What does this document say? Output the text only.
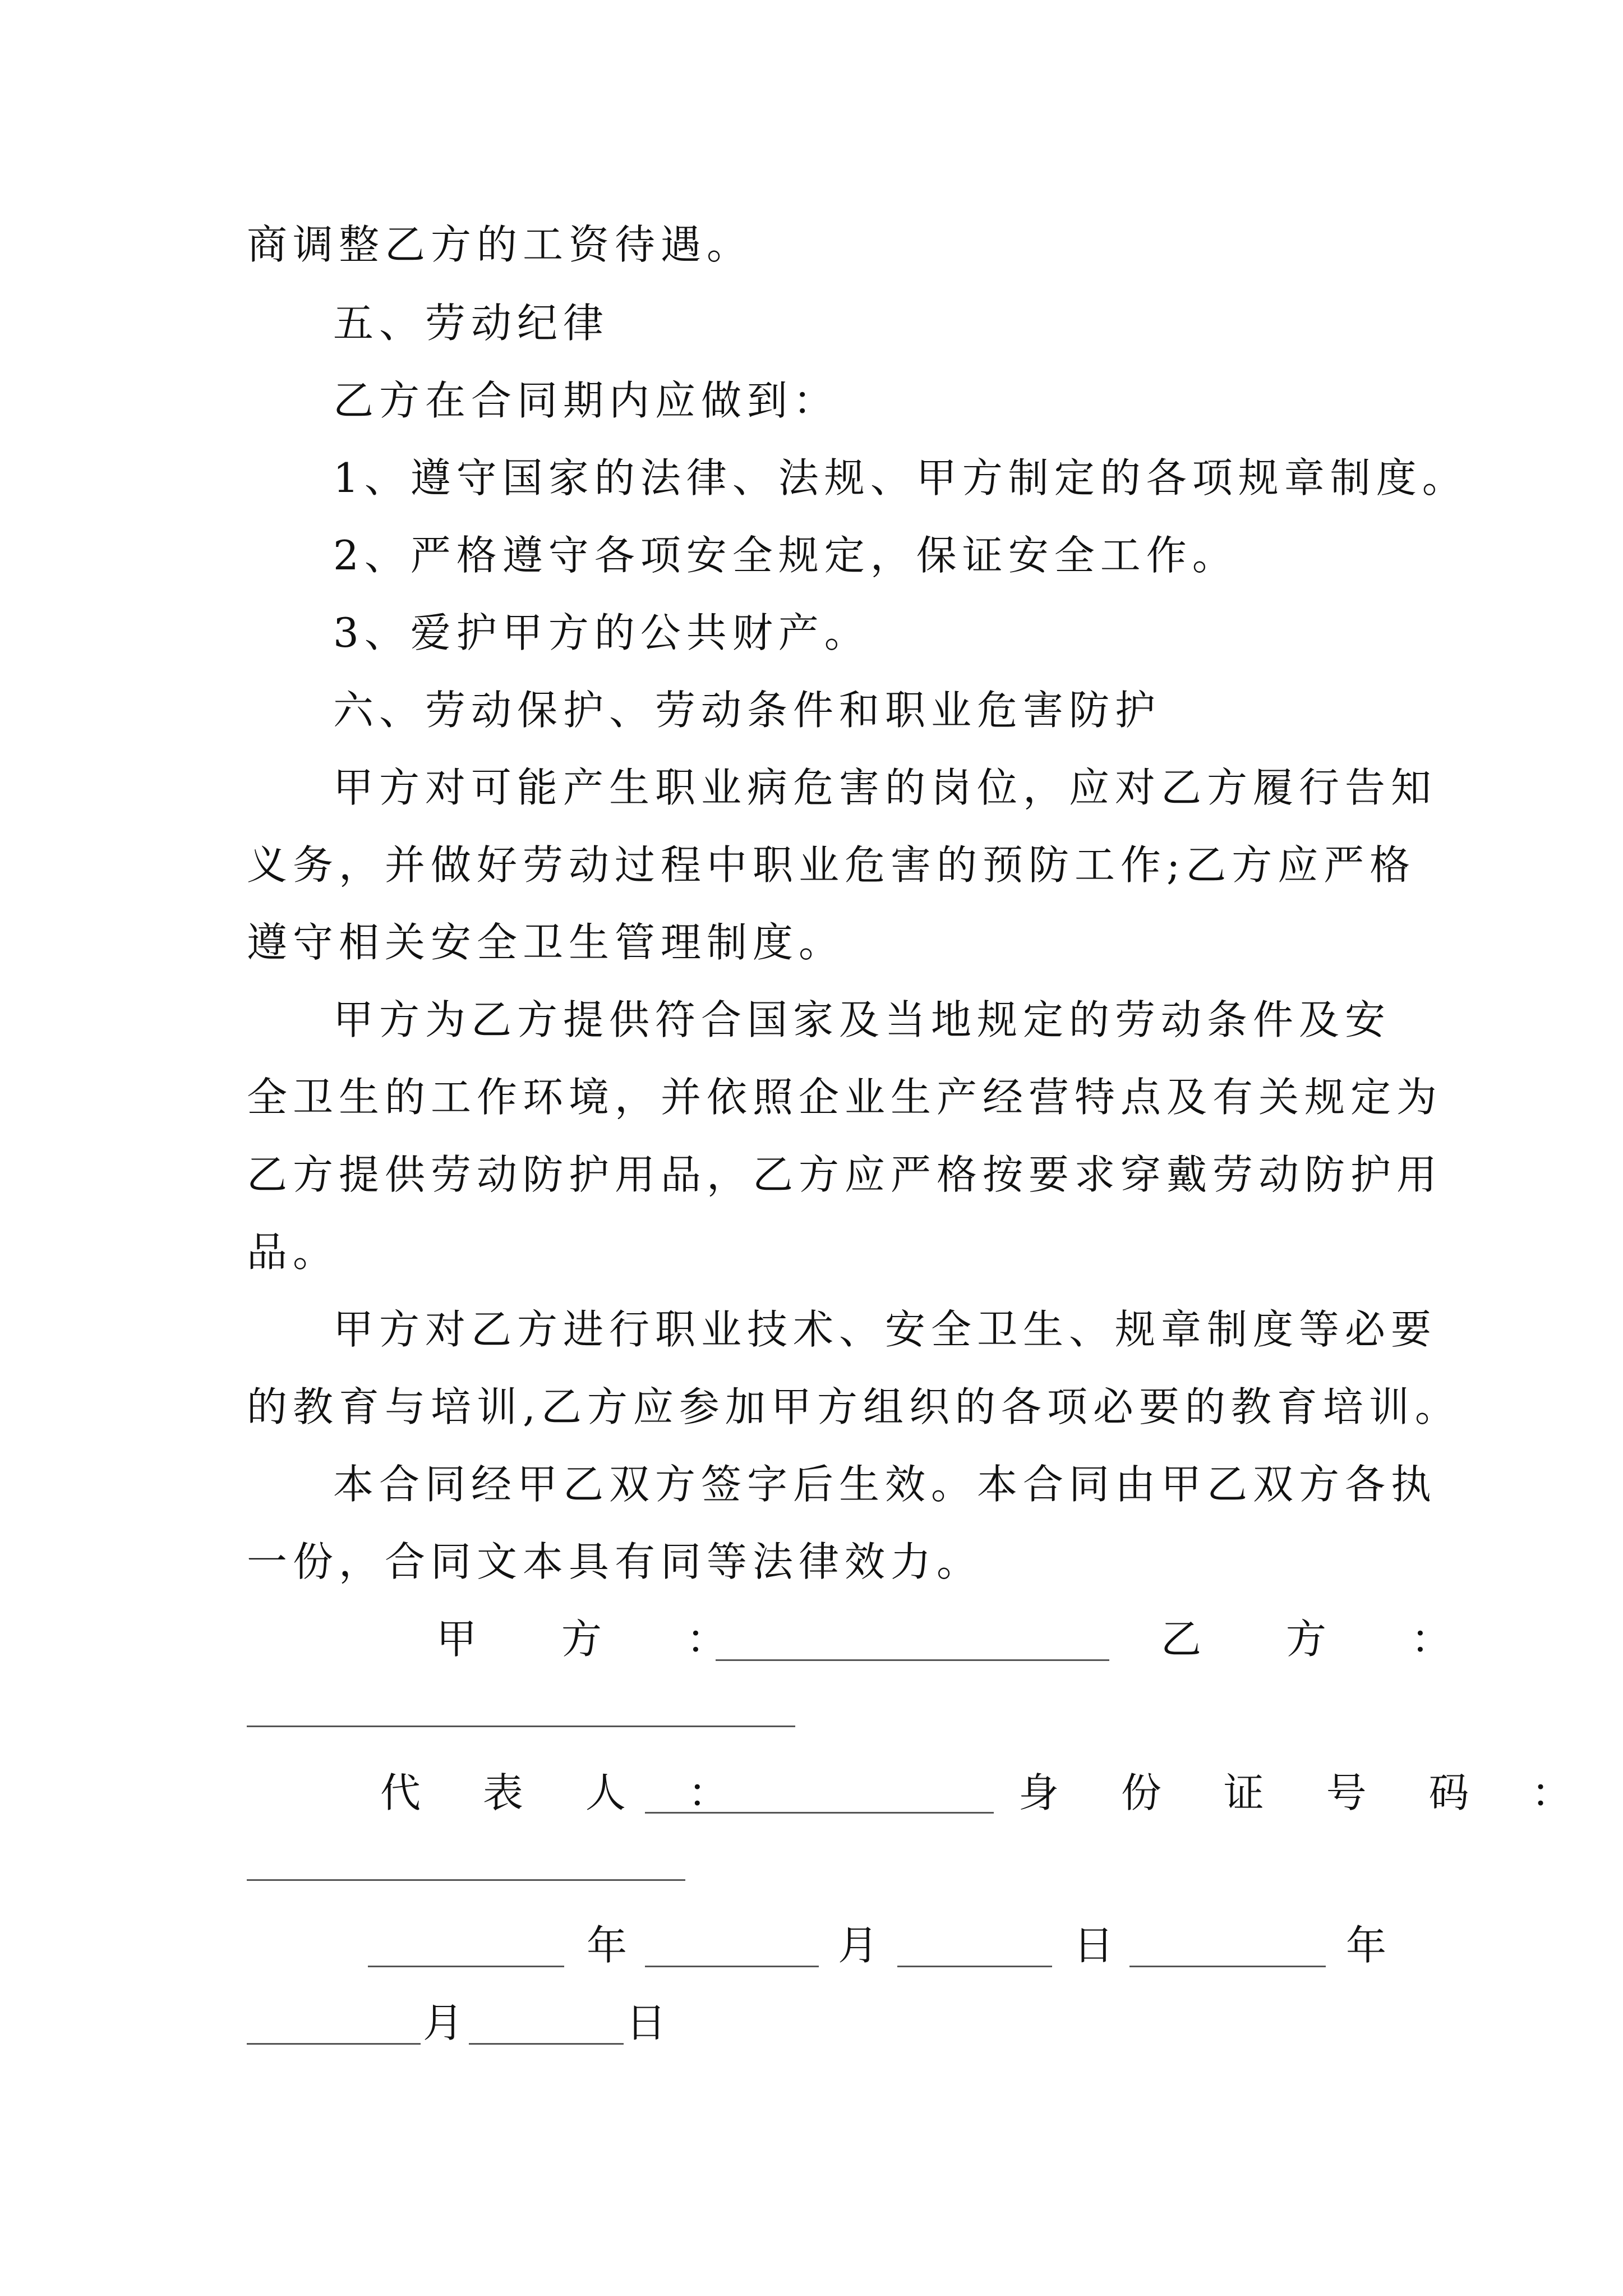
商调整乙方的工资待遇。
五、劳动纪律
乙方在合同期内应做到：
1、遵守国家的法律、法规、甲方制定的各项规章制度。
2、严格遵守各项安全规定，保证安全工作。
3、爱护甲方的公共财产。
六、劳动保护、劳动条件和职业危害防护
甲方对可能产生职业病危害的岗位，应对乙方履行告知
义务，并做好劳动过程中职业危害的预防工作;乙方应严格
遵守相关安全卫生管理制度。
甲方为乙方提供符合国家及当地规定的劳动条件及安
全卫生的工作环境，并依照企业生产经营特点及有关规定为
乙方提供劳动防护用品，乙方应严格按要求穿戴劳动防护用
品。
甲方对乙方进行职业技术、安全卫生、规章制度等必要
的教育与培训,乙方应参加甲方组织的各项必要的教育培训。
本合同经甲乙双方签字后生效。本合同由甲乙双方各执
一份，合同文本具有同等法律效力。
甲 方 ：	乙 方 ：
代 表 人 ：	身 份 证 号 码 ：
年	月	日	年
月	日
